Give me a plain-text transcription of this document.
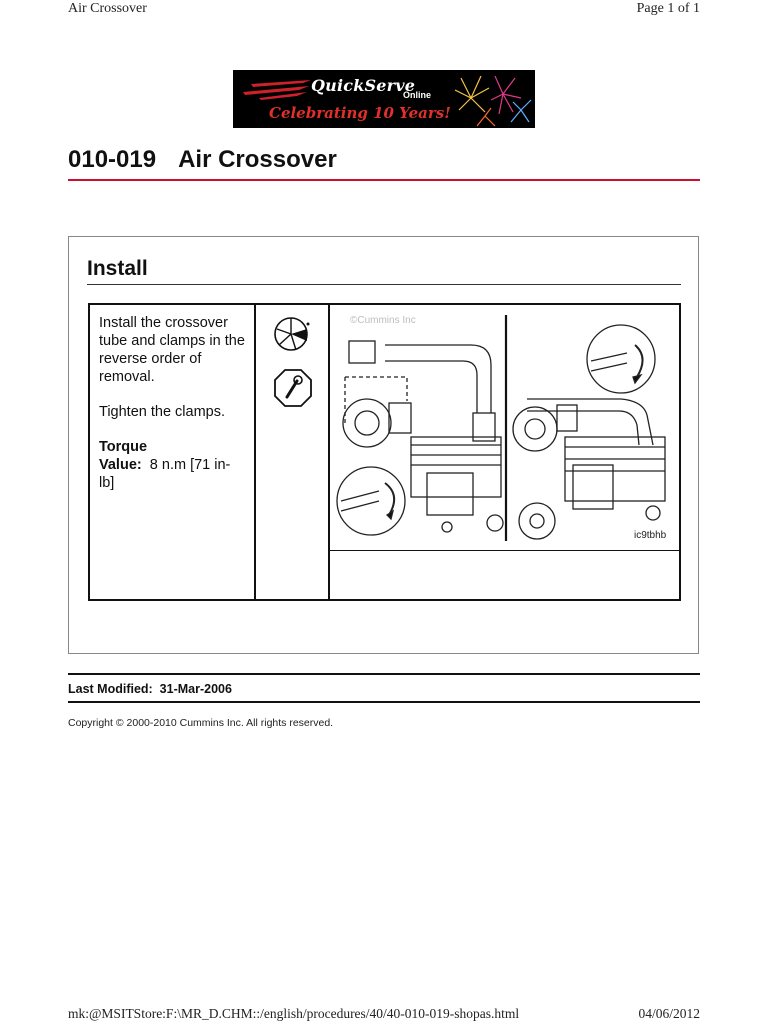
Air Crossover	Page 1 of 1
QuickServe
Online
Celebrating 10 Years!
010-019 Air Crossover
Install

Install the crossover tube and clamps in the reverse order of removal.

Tighten the clamps.

Torque
Value: 8 n.m [71 in-lb]
©Cummins Inc
ic9tbhb
Last Modified: 31-Mar-2006
Copyright © 2000-2010 Cummins Inc. All rights reserved.
mk:@MSITStore:F:\MR_D.CHM::/english/procedures/40/40-010-019-shopas.html	04/06/2012
